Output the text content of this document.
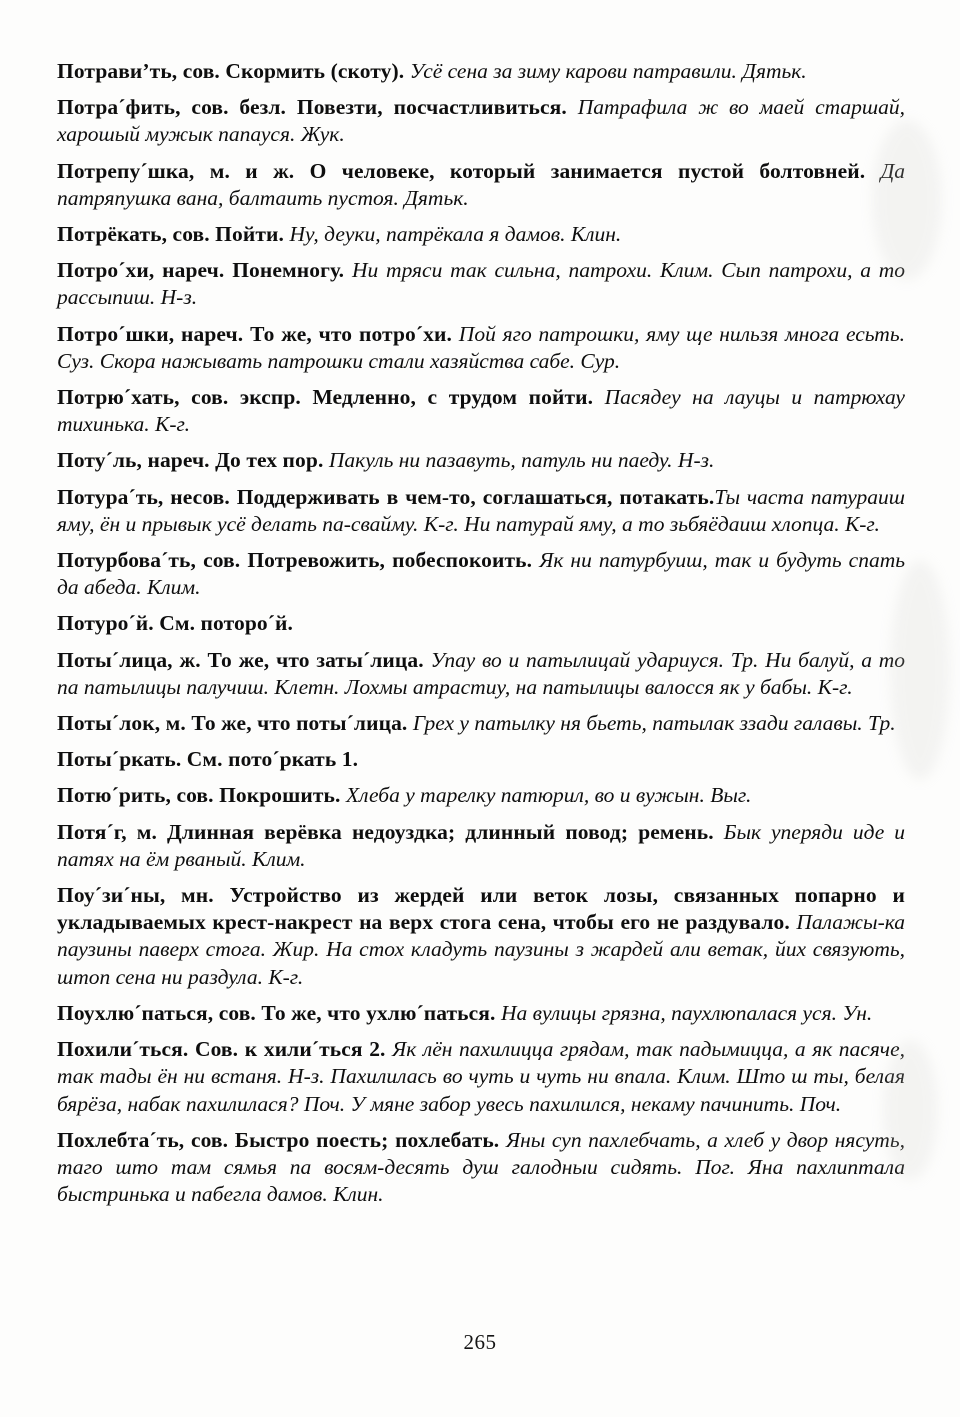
Потрави’ть, сов. Скормить (скоту). Усё сена за зиму карови патравили. Дятьк.

Потра´фить, сов. безл. Повезти, посчастливиться. Патрафила ж во маей старшай, харошый мужык папауся. Жук.

Потрепу´шка, м. и ж. О человеке, который занимается пустой болтовней. Да патряпушка вана, балтаить пустоя. Дятьк.

Потрёкать, сов. Пойти. Ну, деуки, патрёкала я дамов. Клин.

Потро´хи, нареч. Понемногу. Ни тряси так сильна, патрохи. Клим. Сып патрохи, а то рассыпиш. Н-з.

Потро´шки, нареч. То же, что потро´хи. Пой яго патрошки, яму ще нильзя многа есьть. Суз. Скора нажывать патрошки стали хазяйства сабе. Сур.

Потрю´хать, сов. экспр. Медленно, с трудом пойти. Пасядеу на лауцы и патрюхау тихинька. К-г.

Поту´ль, нареч. До тех пор. Пакуль ни пазавуть, патуль ни паеду. Н-з.

Потура´ть, несов. Поддерживать в чем-то, соглашаться, потакать.Ты часта патураиш яму, ён и прывык усё делать па-свайму. К-г. Ни патурай яму, а то зьбяёдаиш хлопца. К-г.

Потурбова´ть, сов. Потревожить, побеспокоить. Як ни патурбуиш, так и будуть спать да абеда. Клим.

Потуро´й. См. поторо´й.

Поты´лица, ж. То же, что заты´лица. Упау во и патылицай удариуся. Тр. Ни балуй, а то па патылицы палучиш. Клетн. Лохмы атрастиу, на патылицы валосся як у бабы. К-г.

Поты´лок, м. То же, что поты´лица. Грех у патылку ня бьеть, патылак ззади галавы. Тр.

Поты´ркать. См. пото´ркать 1.

Потю´рить, сов. Покрошить. Хлеба у тарелку патюрил, во и вужын. Выг.

Потя´г, м. Длинная верёвка недоуздка; длинный повод; ремень. Бык уперяди иде и патях на ём рваный. Клим.

Поу´зи´ны, мн. Устройство из жердей или веток лозы, связанных попарно и укладываемых крест-накрест на верх стога сена, чтобы его не раздувало. Палажы-ка паузины паверх стога. Жир. На стох кладуть паузины з жардей али ветак, йих связують, штоп сена ни раздула. К-г.

Поухлю´паться, сов. То же, что ухлю´паться. На вулицы грязна, паухлюпалася уся. Ун.

Похили´ться. Сов. к хили´ться 2. Як лён пахилицца грядам, так падымицца, а як пасяче, так тады ён ни встаня. Н-з. Пахилилась во чуть и чуть ни впала. Клим. Што ш ты, белая бярёза, набак пахилилася? Поч. У мяне забор увесь пахилился, некаму пачинить. Поч.

Похлебта´ть, сов. Быстро поесть; похлебать. Яны суп пахлебчать, а хлеб у двор нясуть, таго што там сямья па восям-десять душ галодныи сидять. Пог. Яна пахлиптала быстринька и пабегла дамов. Клин.

265
